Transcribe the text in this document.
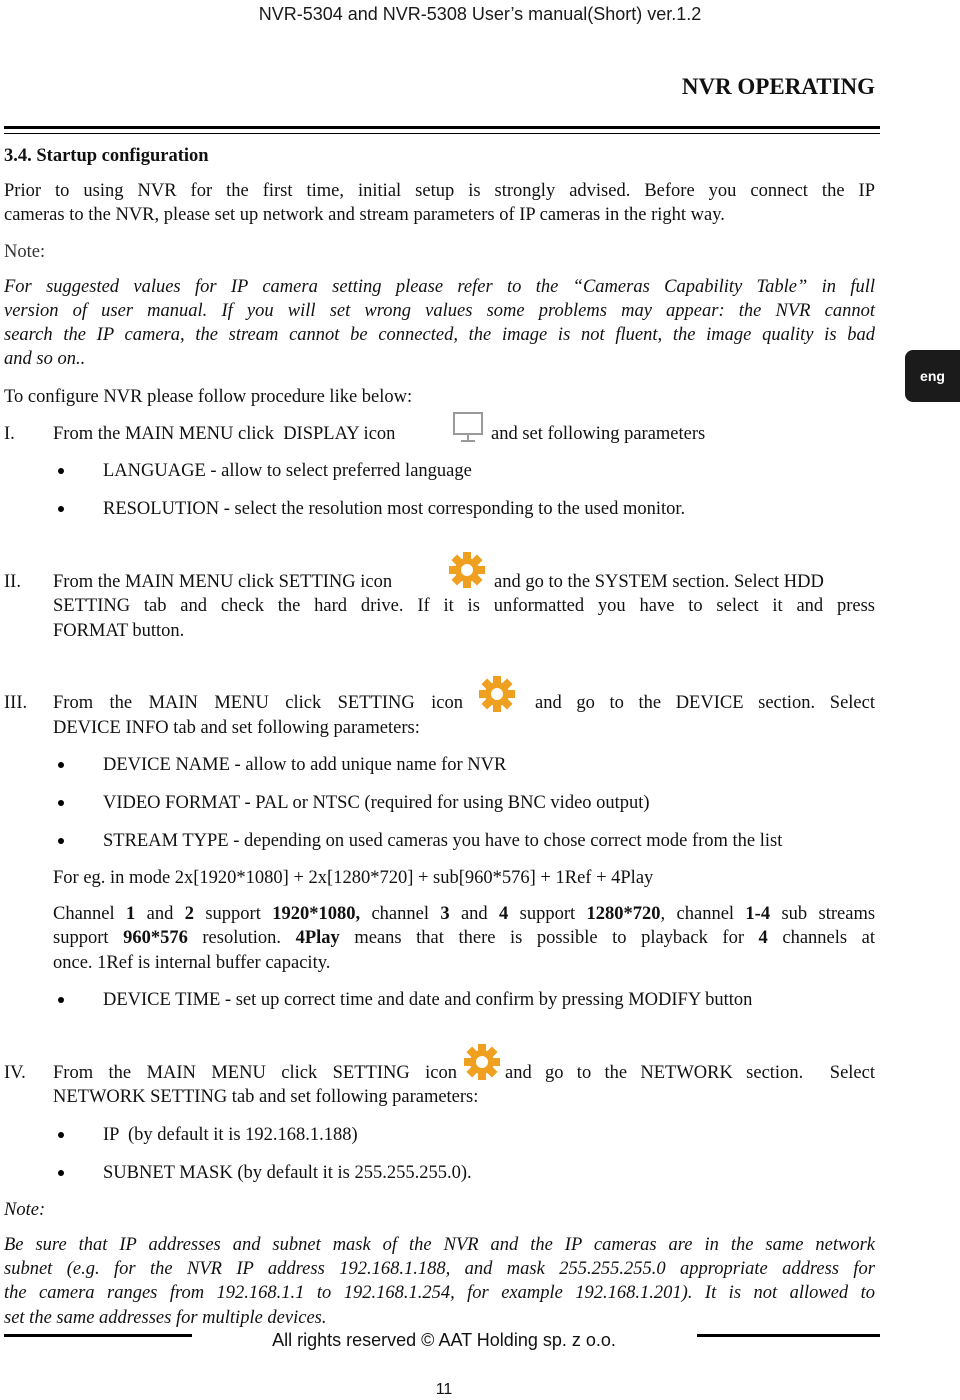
NVR-5304 and NVR-5308 User’s manual(Short) ver.1.2
NVR OPERATING
eng
3.4. Startup configuration
Prior to using NVR for the first time, initial setup is strongly advised. Before you connect the IP
cameras to the NVR, please set up network and stream parameters of IP cameras in the right way.
Note:
For suggested values for IP camera setting please refer to the “Cameras Capability Table” in full
version of user manual. If you will set wrong values some problems may appear: the NVR cannot
search the IP camera, the stream cannot be connected, the image is not fluent, the image quality is bad
and so on..
To configure NVR please follow procedure like below:
I. From the MAIN MENU click  DISPLAY icon	and set following parameters
LANGUAGE - allow to select preferred language
RESOLUTION - select the resolution most corresponding to the used monitor.
II. From the MAIN MENU click SETTING icon	and go to the SYSTEM section. Select HDD
SETTING tab and check the hard drive. If it is unformatted you have to select it and press
FORMAT button.
III. From the MAIN MENU click SETTING icon	and go to the DEVICE section. Select
DEVICE INFO tab and set following parameters:
DEVICE NAME - allow to add unique name for NVR
VIDEO FORMAT - PAL or NTSC (required for using BNC video output)
STREAM TYPE - depending on used cameras you have to chose correct mode from the list
For eg. in mode 2x[1920*1080] + 2x[1280*720] + sub[960*576] + 1Ref + 4Play
Channel 1 and 2 support 1920*1080, channel 3 and 4 support 1280*720, channel 1-4 sub streams
support 960*576 resolution. 4Play means that there is possible to playback for 4 channels at
once. 1Ref is internal buffer capacity.
DEVICE TIME - set up correct time and date and confirm by pressing MODIFY button
IV. From the MAIN MENU click SETTING icon	and go to the NETWORK section.  Select
NETWORK SETTING tab and set following parameters:
IP  (by default it is 192.168.1.188)
SUBNET MASK (by default it is 255.255.255.0).
Note:
Be sure that IP addresses and subnet mask of the NVR and the IP cameras are in the same network
subnet (e.g. for the NVR IP address 192.168.1.188, and mask 255.255.255.0 appropriate address for
the camera ranges from 192.168.1.1 to 192.168.1.254, for example 192.168.1.201). It is not allowed to
set the same addresses for multiple devices.
All rights reserved © AAT Holding sp. z o.o.
11
